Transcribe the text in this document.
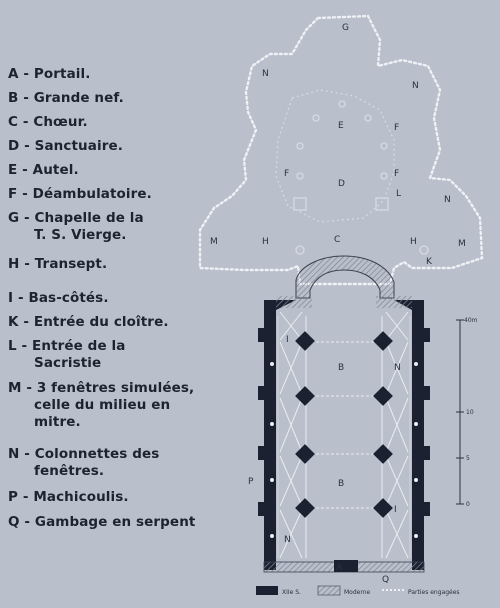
A - Portail.
B - Grande nef.
C - Chœur.
D - Sanctuaire.
E - Autel.
F - Déambulatoire.
G - Chapelle de la
T. S. Vierge.
H - Transept.
I - Bas-côtés.
K - Entrée du cloître.
L - Entrée de la
Sacristie
M - 3 fenêtres simulées,
celle du milieu en
mitre.
N - Colonnettes des
fenêtres.
P - Machicoulis.
Q - Gambage en serpent
G
N
N
E	F
F	F
D
L
N
M	H	C	H	M
K
I
B	N
B
I
P
N
A
Q
40m
10
5
0
XIIe S.	Moderne	Parties engagées
